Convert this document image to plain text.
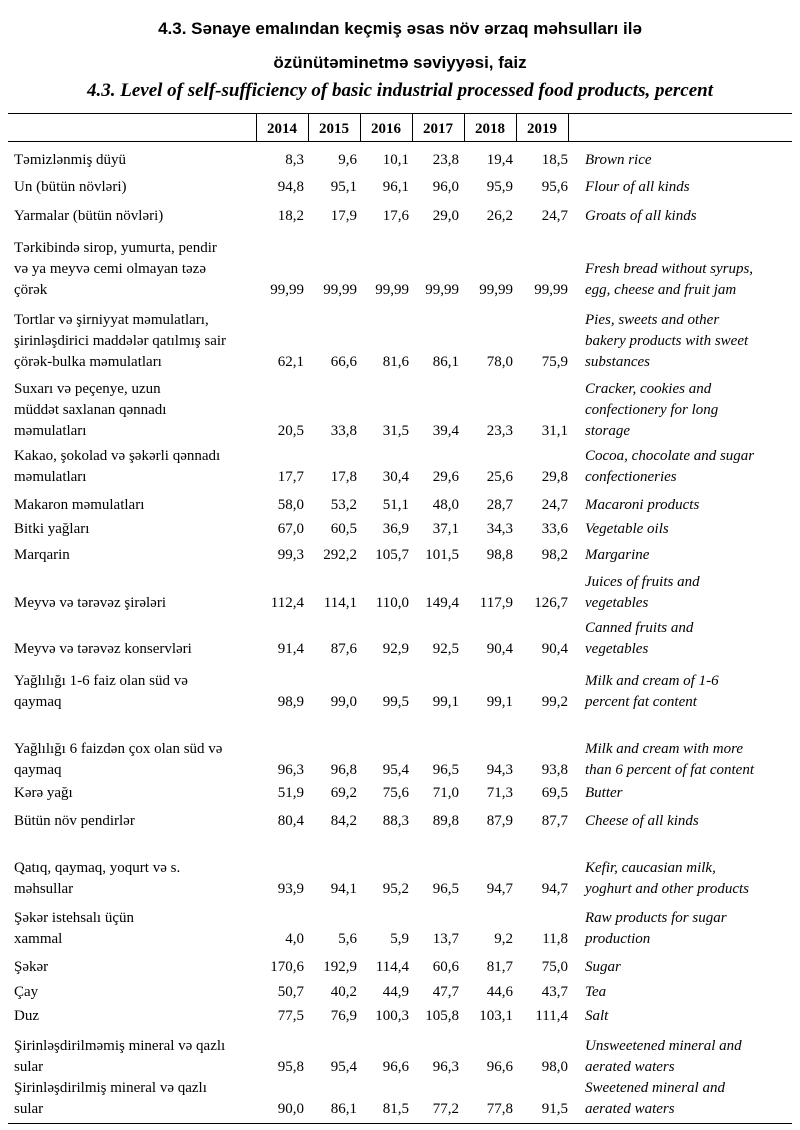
4.3. Sənaye emalından keçmiş əsas növ ərzaq məhsulları ilə
özünütəminetmə səviyyəsi, faiz
4.3. Level of self-sufficiency of basic industrial processed food products, percent
2014	2015	2016	2017	2018	2019
Təmizlənmiş düyü	8,3	9,6	10,1	23,8	19,4	18,5 Brown rice
Un (bütün növləri)	94,8	95,1	96,1	96,0	95,9	95,6 Flour of all kinds
Yarmalar (bütün növləri)	18,2	17,9	17,6	29,0	26,2	24,7 Groats of all kinds
Tərkibində sirop, yumurta, pendir
və ya meyvə cemi olmayan təzə
çörək	99,99	99,99	99,99	99,99	99,99	99,99
Fresh bread without syrups,
egg, cheese and fruit jam
Tortlar və şirniyyat məmulatları,
şirinləşdirici maddələr qatılmış sair
çörək-bulka məmulatları	62,1	66,6	81,6	86,1	78,0	75,9
Pies, sweets and other
bakery products with sweet
substances
Suxarı və peçenye, uzun
müddət saxlanan qənnadı
məmulatları	20,5	33,8	31,5	39,4	23,3	31,1
Cracker, cookies and
confectionery for long
storage
Kakao, şokolad və şəkərli qənnadı
məmulatları	17,7	17,8	30,4	29,6	25,6	29,8
Cocoa, chocolate and sugar
confectioneries
Makaron məmulatları	58,0	53,2	51,1	48,0	28,7	24,7 Macaroni products
Bitki yağları	67,0	60,5	36,9	37,1	34,3	33,6 Vegetable oils
Marqarin	99,3	292,2	105,7	101,5	98,8	98,2 Margarine
Meyvə və tərəvəz şirələri	112,4	114,1	110,0	149,4	117,9	126,7
Juices of fruits and
vegetables
Meyvə və tərəvəz konservləri	91,4	87,6	92,9	92,5	90,4	90,4
Canned fruits and
vegetables
Yağlılığı 1-6 faiz olan süd və
qaymaq	98,9	99,0	99,5	99,1	99,1	99,2
Milk and cream of 1-6
percent fat content
Yağlılığı 6 faizdən çox olan süd və
qaymaq	96,3	96,8	95,4	96,5	94,3	93,8
Milk and cream with more
than 6 percent of fat content
Kərə yağı	51,9	69,2	75,6	71,0	71,3	69,5 Butter
Bütün növ pendirlər	80,4	84,2	88,3	89,8	87,9	87,7 Cheese of all kinds
Qatıq, qaymaq, yoqurt və s.
məhsullar	93,9	94,1	95,2	96,5	94,7	94,7
Kefir, caucasian milk,
yoghurt and other products
Şəkər istehsalı üçün
xammal	4,0	5,6	5,9	13,7	9,2	11,8
Raw products for sugar
production
Şəkər	170,6	192,9	114,4	60,6	81,7	75,0 Sugar
Çay	50,7	40,2	44,9	47,7	44,6	43,7 Tea
Duz	77,5	76,9	100,3	105,8	103,1	111,4 Salt
Şirinləşdirilməmiş mineral və qazlı
sular	95,8	95,4	96,6	96,3	96,6	98,0
Unsweetened mineral and
aerated waters
Şirinləşdirilmiş mineral və qazlı
sular	90,0	86,1	81,5	77,2	77,8	91,5
Sweetened mineral and
aerated waters
